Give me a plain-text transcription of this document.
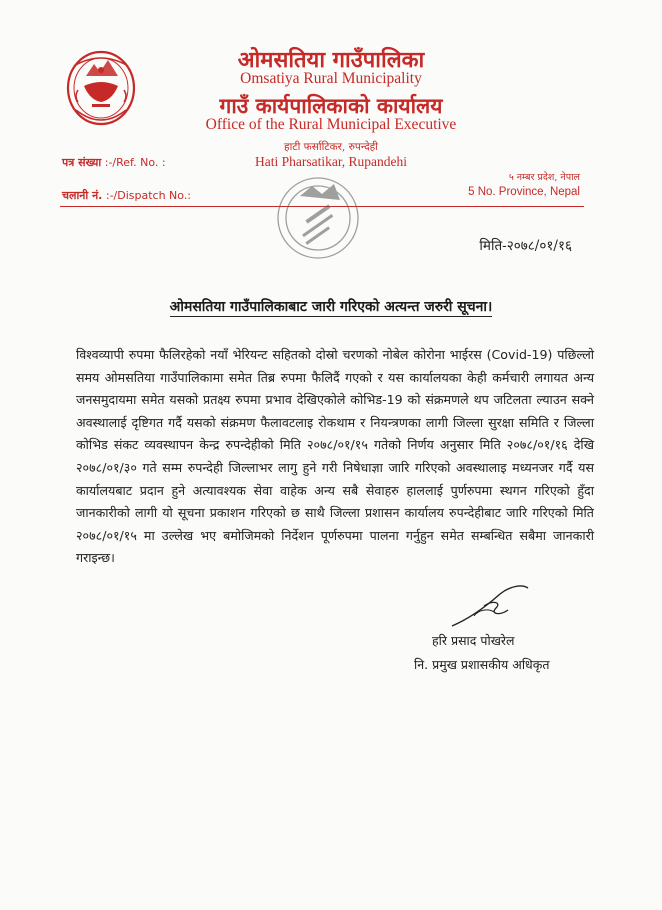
ओमसतिया गाउँपालिका
Omsatiya Rural Municipality
गाउँ कार्यपालिकाको कार्यालय
Office of the Rural Municipal Executive
हाटी फर्साटिकर, रुपन्देही
Hati Pharsatikar, Rupandehi
पत्र संख्या :-/Ref. No. :
चलानी नं. :-/Dispatch No.:
५ नम्बर प्रदेश, नेपाल
5 No. Province, Nepal
मिति-२०७८/०१/१६
ओमसतिया गाउँपालिकाबाट जारी गरिएको अत्यन्त जरुरी सूचना।
विश्वव्यापी रुपमा फैलिरहेको नयाँ भेरियन्ट सहितको दोस्रो चरणको नोबेल कोरोना भाईरस (Covid-19) पछिल्लो समय ओमसतिया गाउँपालिकामा समेत तिब्र रुपमा फैलिदैं गएको र यस कार्यालयका केही कर्मचारी लगायत अन्य जनसमुदायमा समेत यसको प्रतक्ष्य रुपमा प्रभाव देखिएकोले कोभिड-19 को संक्रमणले थप जटिलता ल्याउन सक्ने अवस्थालाई दृष्टिगत गर्दै यसको संक्रमण फैलावटलाइ रोकथाम र नियन्त्रणका लागी जिल्ला सुरक्षा समिति र जिल्ला कोभिड संकट व्यवस्थापन केन्द्र रुपन्देहीको मिति २०७८/०१/१५ गतेको निर्णय अनुसार मिति २०७८/०१/१६ देखि २०७८/०१/३० गते सम्म रुपन्देही जिल्लाभर लागु हुने गरी निषेधाज्ञा जारि गरिएको अवस्थालाइ मध्यनजर गर्दै यस कार्यालयबाट प्रदान हुने अत्यावश्यक सेवा वाहेक अन्य सबै सेवाहरु हाललाई पुर्णरुपमा स्थगन गरिएको हुँदा जानकारीको लागी यो सूचना प्रकाशन गरिएको छ साथै जिल्ला प्रशासन कार्यालय रुपन्देहीबाट जारि गरिएको मिति २०७८/०१/१५ मा उल्लेख भए बमोजिमको निर्देशन पूर्णरुपमा पालना गर्नुहुन समेत सम्बन्धित सबैमा जानकारी गराइन्छ।
हरि प्रसाद पोखरेल
नि. प्रमुख प्रशासकीय अधिकृत
